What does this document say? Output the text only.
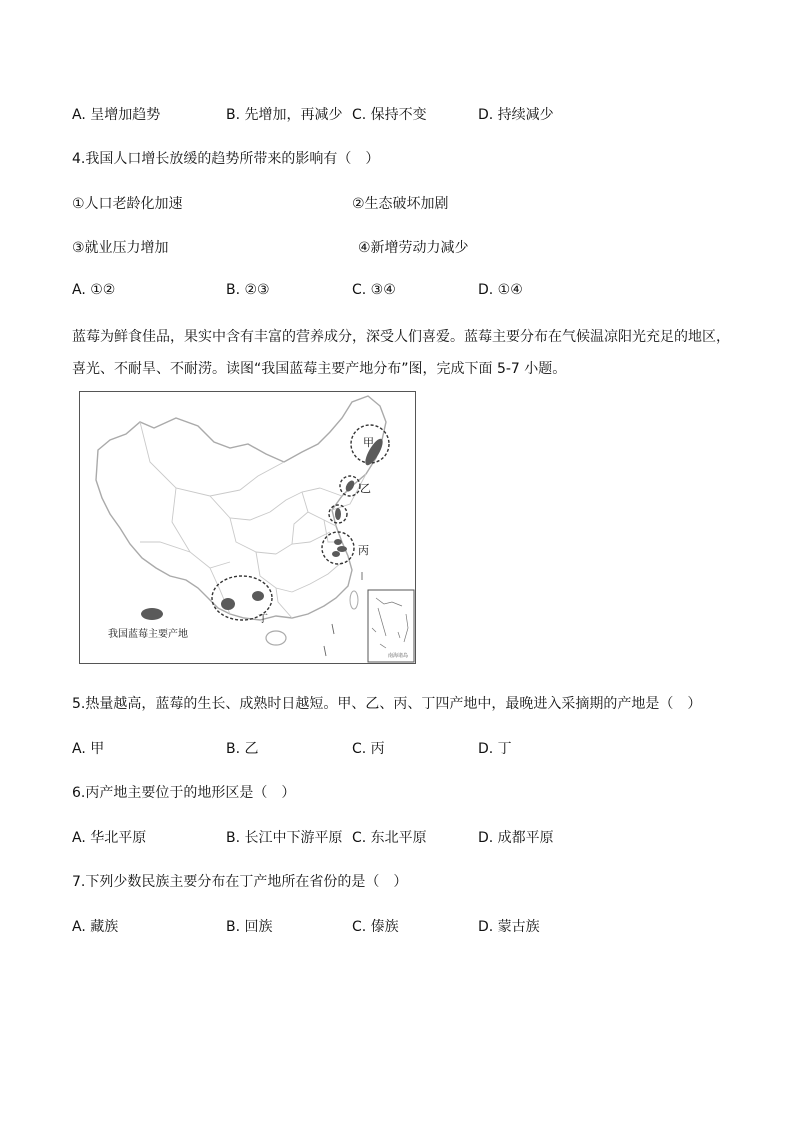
A. 呈增加趋势	B. 先增加，再减少 C. 保持不变	D. 持续减少
4.我国人口增长放缓的趋势所带来的影响有（　）
①人口老龄化加速	②生态破坏加剧
③就业压力增加	④新增劳动力减少
A. ①②	B. ②③	C. ③④	D. ①④
蓝莓为鲜食佳品，果实中含有丰富的营养成分，深受人们喜爱。蓝莓主要分布在气候温凉阳光充足的地区，
喜光、不耐旱、不耐涝。读图“我国蓝莓主要产地分布”图，完成下面 5-7 小题。
甲
乙
丙
丁
我国蓝莓主要产地
南海诸岛
5.热量越高，蓝莓的生长、成熟时日越短。甲、乙、丙、丁四产地中，最晚进入采摘期的产地是（　）
A. 甲	B. 乙	C. 丙	D. 丁
6.丙产地主要位于的地形区是（　）
A. 华北平原	B. 长江中下游平原 C. 东北平原	D. 成都平原
7.下列少数民族主要分布在丁产地所在省份的是（　）
A. 藏族	B. 回族	C. 傣族	D. 蒙古族
